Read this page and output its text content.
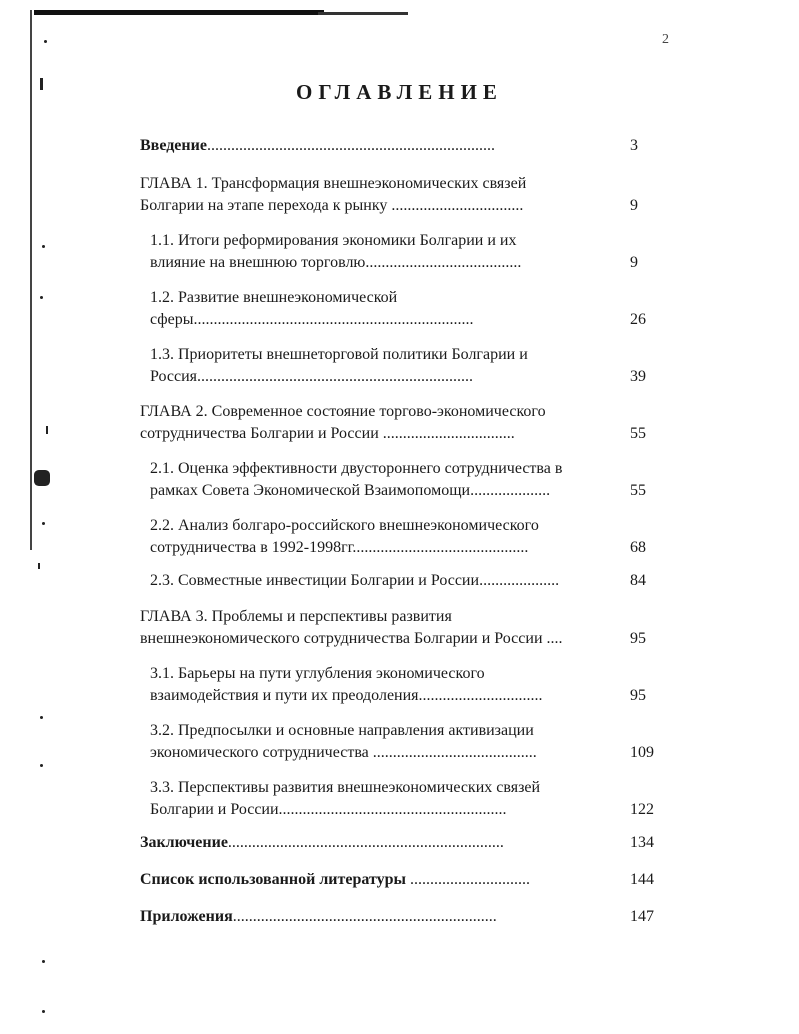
2
ОГЛАВЛЕНИЕ
Введение........................................................................	3
ГЛАВА 1. Трансформация внешнеэкономических связей
Болгарии на этапе перехода к рынку .................................	9
1.1. Итоги реформирования экономики Болгарии и их
влияние на внешнюю торговлю.......................................	9
1.2. Развитие внешнеэкономической
сферы......................................................................	26
1.3. Приоритеты внешнеторговой политики Болгарии и
Россия.....................................................................	39
ГЛАВА 2. Современное состояние торгово-экономического
сотрудничества Болгарии и России .................................	55
2.1. Оценка эффективности двустороннего сотрудничества в
рамках Совета Экономической Взаимопомощи....................	55
2.2. Анализ болгаро-российского внешнеэкономического
сотрудничества в 1992-1998гг............................................	68
2.3. Совместные инвестиции Болгарии и России....................	84
ГЛАВА 3. Проблемы и перспективы развития
внешнеэкономического сотрудничества Болгарии и России ....	95
3.1. Барьеры на пути углубления экономического
взаимодействия и пути их преодоления...............................	95
3.2. Предпосылки и основные направления активизации
экономического сотрудничества .........................................	109
3.3. Перспективы развития внешнеэкономических связей
Болгарии и России.........................................................	122
Заключение.....................................................................	134
Список использованной литературы ..............................	144
Приложения..................................................................	147
